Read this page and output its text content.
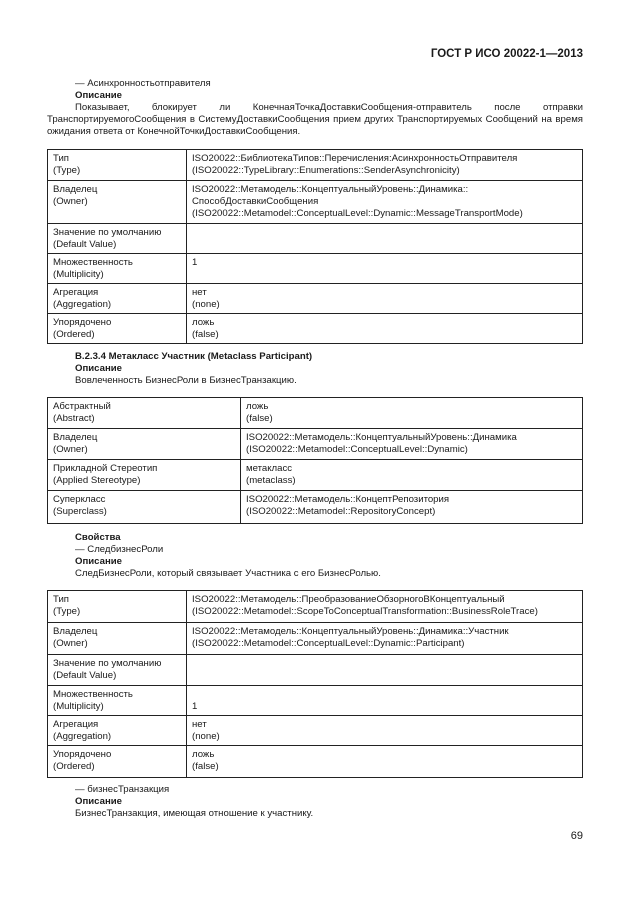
ГОСТ Р ИСО 20022-1—2013
— Асинхронностьотправителя
Описание
Показывает, блокирует ли КонечнаяТочкаДоставкиСообщения-отправитель после отправки ТранспортируемогоСообщения в СистемуДоставкиСообщения прием других Транспортируемых Сообщений на время ожидания ответа от КонечнойТочкиДоставкиСообщения.
Тип
(Type)	ISO20022::БиблиотекаТипов::Перечисления:АсинхронностьОтправителя
(ISO20022::TypeLibrary::Enumerations::SenderAsynchronicity)
Владелец
(Owner)	ISO20022::Метамодель::КонцептуальныйУровень::Динамика::
СпособДоставкиСообщения
(ISO20022::Metamodel::ConceptualLevel::Dynamic::MessageTransportMode)
Значение по умолчанию
(Default Value)	
Множественность
(Multiplicity)	1
Агрегация
(Aggregation)	нет
(none)
Упорядочено
(Ordered)	ложь
(false)
B.2.3.4 Метакласс Участник (Metaclass Participant)
Описание
Вовлеченность БизнесРоли в БизнесТранзакцию.
Абстрактный
(Abstract)	ложь
(false)
Владелец
(Owner)	ISO20022::Метамодель::КонцептуальныйУровень::Динамика
(ISO20022::Metamodel::ConceptualLevel::Dynamic)
Прикладной Стереотип
(Applied Stereotype)	метакласс
(metaclass)
Суперкласс
(Superclass)	ISO20022::Метамодель::КонцептРепозитория
(ISO20022::Metamodel::RepositoryConcept)
Свойства
— СледбизнесРоли
Описание
СледБизнесРоли, который связывает Участника с его БизнесРолью.
Тип
(Type)	ISO20022::Метамодель::ПреобразованиеОбзорногоВКонцептуальный
(ISO20022::Metamodel::ScopeToConceptualTransformation::BusinessRoleTrace)
Владелец
(Owner)	ISO20022::Метамодель::КонцептуальныйУровень::Динамика::Участник
(ISO20022::Metamodel::ConceptualLevel::Dynamic::Participant)
Значение по умолчанию
(Default Value)	
Множественность
(Multiplicity)	1
Агрегация
(Aggregation)	нет
(none)
Упорядочено
(Ordered)	ложь
(false)
— бизнесТранзакция
Описание
БизнесТранзакция, имеющая отношение к участнику.
69
